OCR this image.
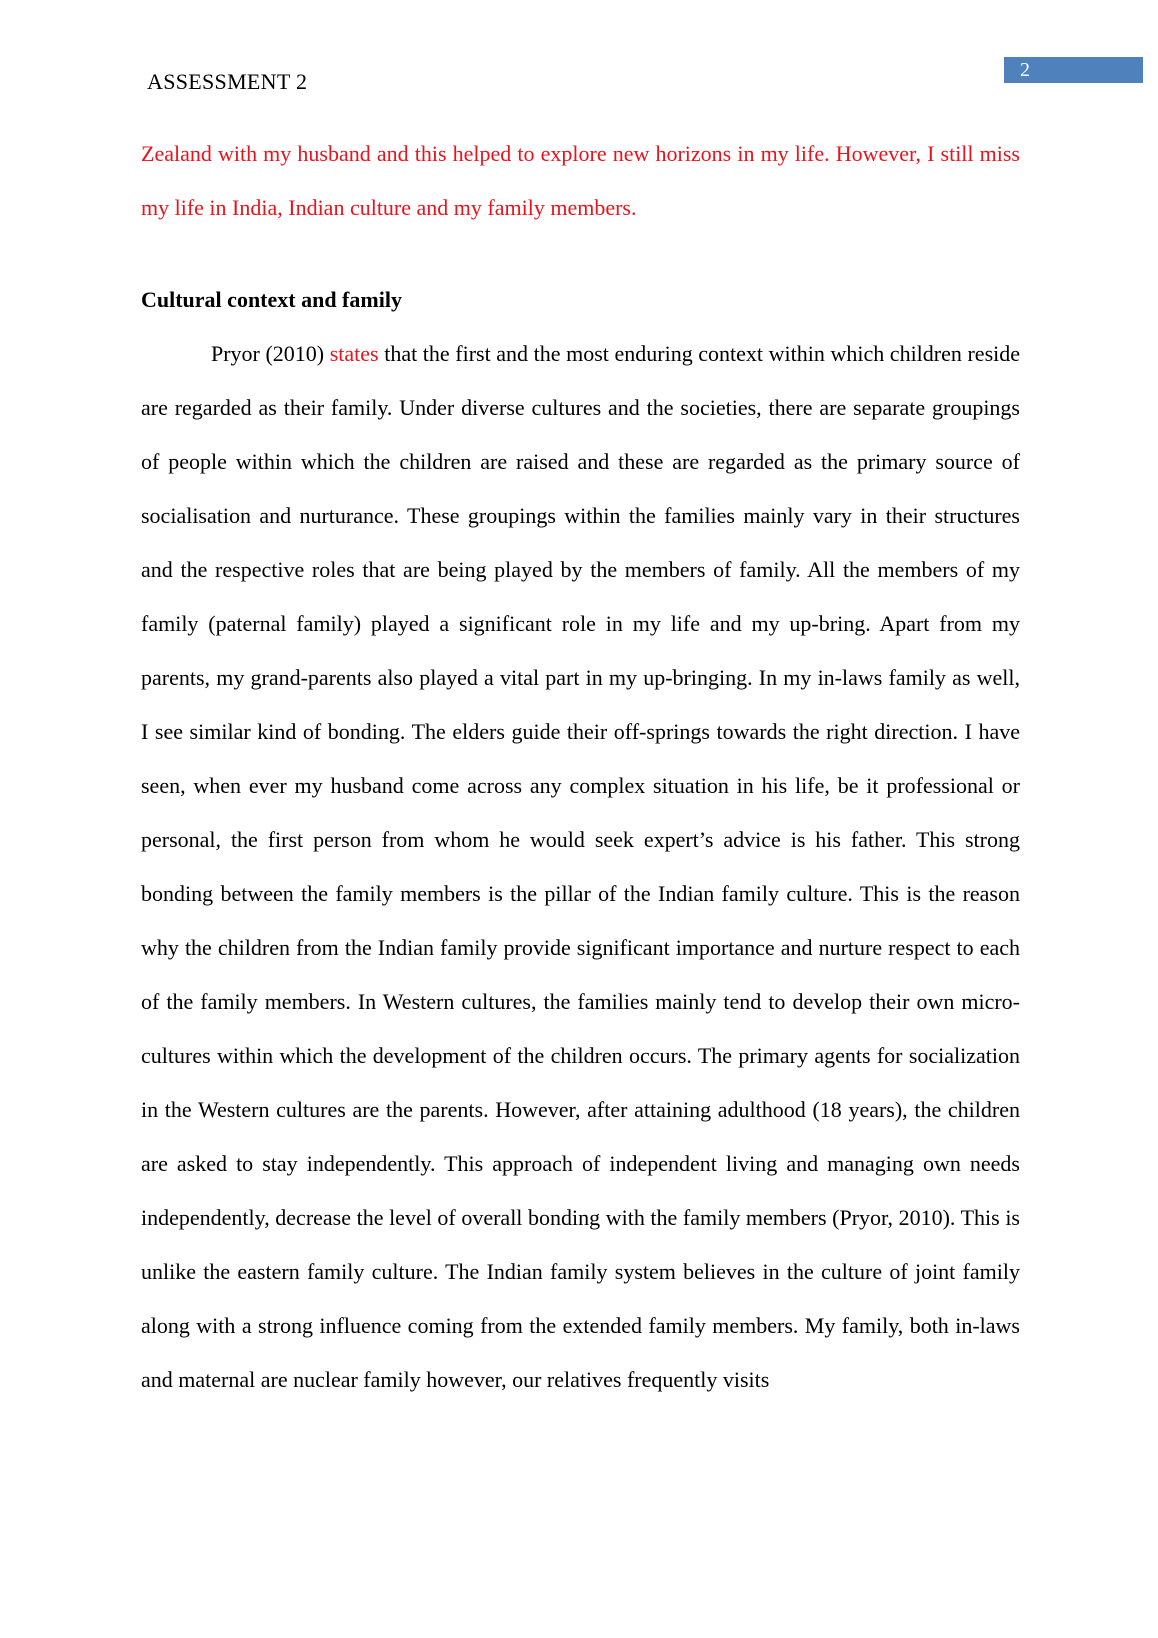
ASSESSMENT 2	2

Zealand with my husband and this helped to explore new horizons in my life. However, I still miss my life in India, Indian culture and my family members.

Cultural context and family

Pryor (2010) states that the first and the most enduring context within which children reside are regarded as their family. Under diverse cultures and the societies, there are separate groupings of people within which the children are raised and these are regarded as the primary source of socialisation and nurturance. These groupings within the families mainly vary in their structures and the respective roles that are being played by the members of family. All the members of my family (paternal family) played a significant role in my life and my up-bring. Apart from my parents, my grand-parents also played a vital part in my up-bringing. In my in-laws family as well, I see similar kind of bonding. The elders guide their off-springs towards the right direction. I have seen, when ever my husband come across any complex situation in his life, be it professional or personal, the first person from whom he would seek expert’s advice is his father. This strong bonding between the family members is the pillar of the Indian family culture. This is the reason why the children from the Indian family provide significant importance and nurture respect to each of the family members. In Western cultures, the families mainly tend to develop their own micro-cultures within which the development of the children occurs. The primary agents for socialization in the Western cultures are the parents. However, after attaining adulthood (18 years), the children are asked to stay independently. This approach of independent living and managing own needs independently, decrease the level of overall bonding with the family members (Pryor, 2010). This is unlike the eastern family culture. The Indian family system believes in the culture of joint family along with a strong influence coming from the extended family members. My family, both in-laws and maternal are nuclear family however, our relatives frequently visits
